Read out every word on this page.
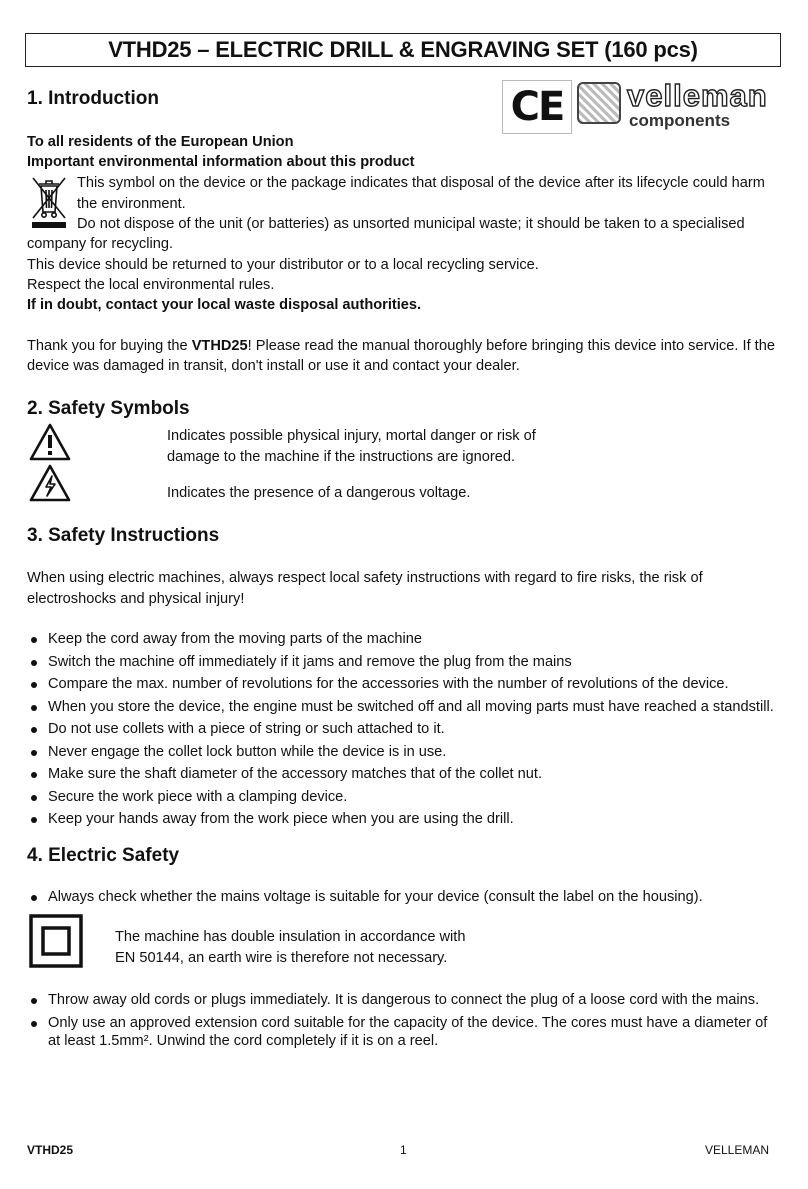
VTHD25 – ELECTRIC DRILL & ENGRAVING SET (160 pcs)
1. Introduction	CE velleman
components
To all residents of the European Union
Important environmental information about this product
This symbol on the device or the package indicates that disposal of the device after its lifecycle could harm
the environment.
Do not dispose of the unit (or batteries) as unsorted municipal waste; it should be taken to a specialised
company for recycling.
This device should be returned to your distributor or to a local recycling service.
Respect the local environmental rules.
If in doubt, contact your local waste disposal authorities.
Thank you for buying the VTHD25! Please read the manual thoroughly before bringing this device into service. If the
device was damaged in transit, don't install or use it and contact your dealer.
2. Safety Symbols
Indicates possible physical injury, mortal danger or risk of
damage to the machine if the instructions are ignored.
Indicates the presence of a dangerous voltage.
3. Safety Instructions
When using electric machines, always respect local safety instructions with regard to fire risks, the risk of
electroshocks and physical injury!
Keep the cord away from the moving parts of the machine
Switch the machine off immediately if it jams and remove the plug from the mains
Compare the max. number of revolutions for the accessories with the number of revolutions of the device.
When you store the device, the engine must be switched off and all moving parts must have reached a standstill.
Do not use collets with a piece of string or such attached to it.
Never engage the collet lock button while the device is in use.
Make sure the shaft diameter of the accessory matches that of the collet nut.
Secure the work piece with a clamping device.
Keep your hands away from the work piece when you are using the drill.
4. Electric Safety
Always check whether the mains voltage is suitable for your device (consult the label on the housing).
The machine has double insulation in accordance with
EN 50144, an earth wire is therefore not necessary.
Throw away old cords or plugs immediately. It is dangerous to connect the plug of a loose cord with the mains.
Only use an approved extension cord suitable for the capacity of the device. The cores must have a diameter of
at least 1.5mm². Unwind the cord completely if it is on a reel.
VTHD25	1	VELLEMAN
